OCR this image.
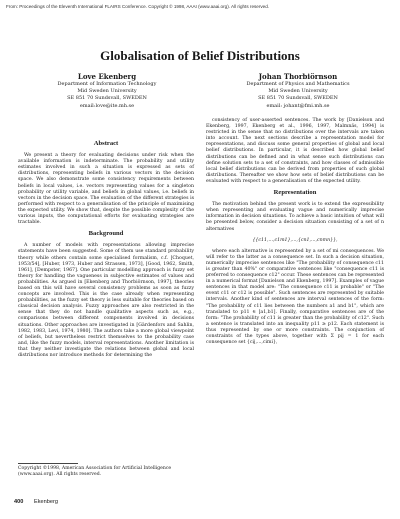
From: Proceedings of the Eleventh International FLAIRS Conference. Copyright © 1998, AAAI (www.aaai.org). All rights reserved.
Globalisation of Belief Distributions
Love Ekenberg
Department of Information Technology
Mid Sweden University
SE 851 70 Sundsvall, SWEDEN
email:love@ite.mh.se
Johan Thorbiörnson
Department of Physics and Mathematics
Mid Sweden University
SE 851 70 Sundsvall, SWEDEN
email: johant@fmi.mh.se
Abstract
We present a theory for evaluating decisions under risk when the available information is indeterminate. The probability and utility estimates involved in such a situation is expressed as sets of distributions, representing beliefs in various vectors in the decision space. We also demonstrate some consistency requirements between beliefs in local values, i.e. vectors representing values for a singleton probability or utility variable, and beliefs in global values, i.e. beliefs in vectors in the decision space. The evaluation of the different strategies is performed with respect to a generalisation of the principle of maximising the expected utility. We show that, despite the possible complexity of the various inputs, the computational efforts for evaluating strategies are tractable.
Background
A number of models with representations allowing imprecise statements have been suggested. Some of them use standard probability theory while others contain some specialised formalism, c.f. [Choquet, 1953/54], [Huber, 1973, Huber and Strassen, 1973], [Good, 1962, Smith, 1961], [Dempster, 1967]. One particular modelling approach is fuzzy set theory for handling the vagueness in subjective estimates of values and probabilities. As argued in [Ekenberg and Thorbiörnson, 1997], theories based on this will have several consistency problems as soon as fuzzy concepts are involved. This is the case already when representing probabilities, as the fuzzy set theory is less suitable for theories based on classical decision analysis. Fuzzy approaches are also restricted in the sense that they do not handle qualitative aspects such as, e.g., comparisons between different components involved in decisions situations. Other approaches are investigated in [Gärdenfors and Sahlin, 1982, 1983, Levi, 1974, 1980]. The authors take a more global viewpoint of beliefs, but nevertheless restrict themselves to the probability case and, like the fuzzy models, interval representations. Another limitation is that they neither investigate the relations between global and local distributions nor introduce methods for determining the
consistency of user-asserted sentences. The work by [Danielson and Ekenberg, 1997, Ekenberg et al., 1996, 1997, Malmnäs, 1994] is restricted in the sense that no distributions over the intervals are taken into account. The next sections describe a representation model for representations, and discuss some general properties of global and local belief distributions. In particular, it is described how global belief distributions can be defined and in what sense such distributions can define solution sets to a set of constraints, and how classes of admissible local belief distributions can be derived from properties of such global distributions. Thereafter we show how sets of belief distributions can be evaluated with respect to a generalisation of the expected utility.
Representation
The motivation behind the present work is to extend the expressibility when representing and evaluating vague and numerically imprecise information in decision situations. To achieve a basic intuition of what will be presented below, consider a decision situation consisting of a set of n alternatives
{{c11,...,c1m1},...,{cn1,...,cnmn}},
where each alternative is represented by a set of mi consequences. We will refer to the latter as a consequence set. In such a decision situation, numerically imprecise sentences like "The probability of consequence c11 is greater than 40%" or comparative sentences like "consequence c11 is preferred to consequence c12" occur. These sentences can be represented in a numerical format [Danielson and Ekenberg, 1997]. Examples of vague sentences in that model are: "The consequence c11 is probable" or "The event c11 or c12 is possible". Such sentences are represented by suitable intervals. Another kind of sentences are interval sentences of the form: "The probability of c11 lies between the numbers a1 and b1", which are translated to p11 ∈ [a1,b1]. Finally, comparative sentences are of the form: "The probability of c11 is greater than the probability of c12". Such a sentence is translated into an inequality p11 ≥ p12. Each statement is thus represented by one or more constraints. The conjunction of constraints of the types above, together with Σ pij = 1 for each consequence set {cij,...,cimi},
Copyright ©1998, American Association for Artificial Intelligence (www.aaai.org). All rights reserved.
400 Ekenberg
